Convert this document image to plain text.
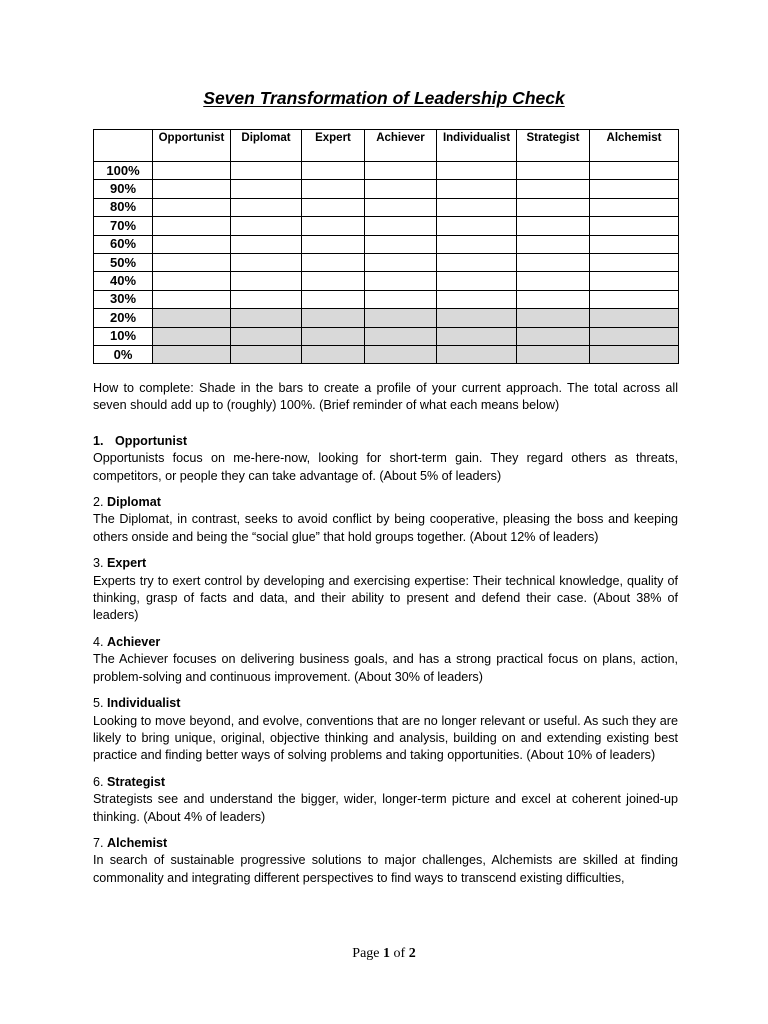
Seven Transformation of Leadership Check
	Opportunist	Diplomat	Expert	Achiever	Individualist	Strategist	Alchemist
100%							
90%							
80%							
70%							
60%							
50%							
40%							
30%							
20%							
10%							
0%							

How to complete: Shade in the bars to create a profile of your current approach. The total across all seven should add up to (roughly) 100%. (Brief reminder of what each means below)

1. Opportunist

Opportunists focus on me-here-now, looking for short-term gain. They regard others as threats, competitors, or people they can take advantage of. (About 5% of leaders)

2. Diplomat

The Diplomat, in contrast, seeks to avoid conflict by being cooperative, pleasing the boss and keeping others onside and being the “social glue” that hold groups together. (About 12% of leaders)

3. Expert

Experts try to exert control by developing and exercising expertise: Their technical knowledge, quality of thinking, grasp of facts and data, and their ability to present and defend their case. (About 38% of leaders)

4. Achiever

The Achiever focuses on delivering business goals, and has a strong practical focus on plans, action, problem-solving and continuous improvement. (About 30% of leaders)

5. Individualist

Looking to move beyond, and evolve, conventions that are no longer relevant or useful. As such they are likely to bring unique, original, objective thinking and analysis, building on and extending existing best practice and finding better ways of solving problems and taking opportunities. (About 10% of leaders)

6. Strategist

Strategists see and understand the bigger, wider, longer-term picture and excel at coherent joined-up thinking. (About 4% of leaders)

7. Alchemist

In search of sustainable progressive solutions to major challenges, Alchemists are skilled at finding commonality and integrating different perspectives to find ways to transcend existing difficulties,

Page 1 of 2
